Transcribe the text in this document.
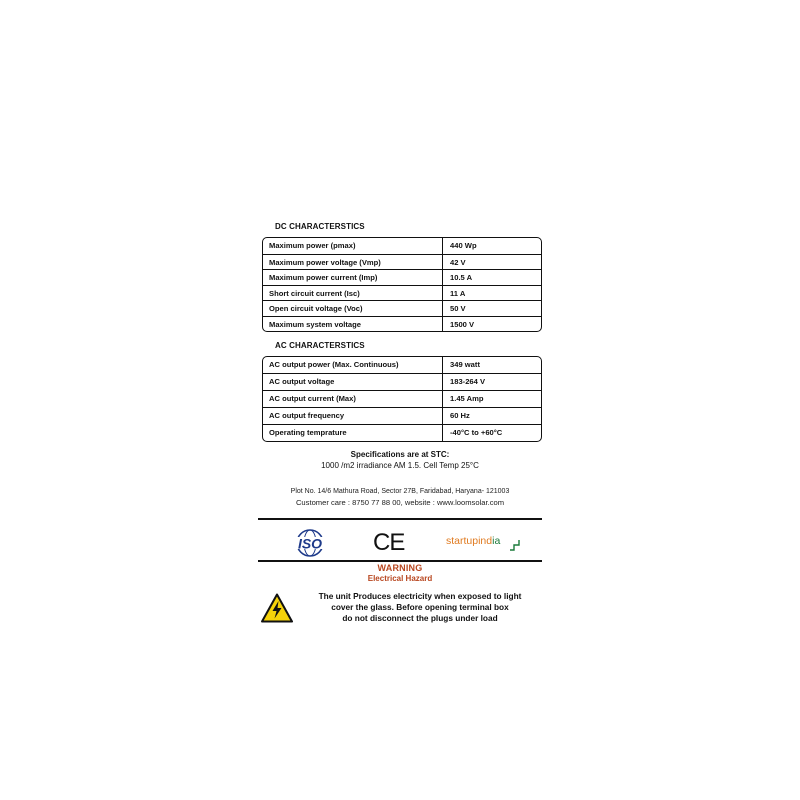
DC CHARACTERSTICS
Maximum power (pmax)	440 Wp
Maximum power voltage (Vmp)	42 V
Maximum power current (Imp)	10.5 A
Short circuit current (Isc)	11 A
Open circuit voltage (Voc)	50 V
Maximum system voltage	1500 V
AC CHARACTERSTICS
AC output power (Max. Continuous)	349 watt
AC output voltage	183-264 V
AC output current (Max)	1.45 Amp
AC output frequency	60 Hz
Operating temprature	-40°C to +60°C
Specifications are at STC:
1000 /m2 irradiance AM 1.5. Cell Temp 25°C
Plot No. 14/6 Mathura Road, Sector 27B, Faridabad, Haryana- 121003
Customer care : 8750 77 88 00, website : www.loomsolar.com
ISO CE	startupindia
WARNING
Electrical Hazard
The unit Produces electricity when exposed to light
cover the glass. Before opening terminal box
do not disconnect the plugs under load
